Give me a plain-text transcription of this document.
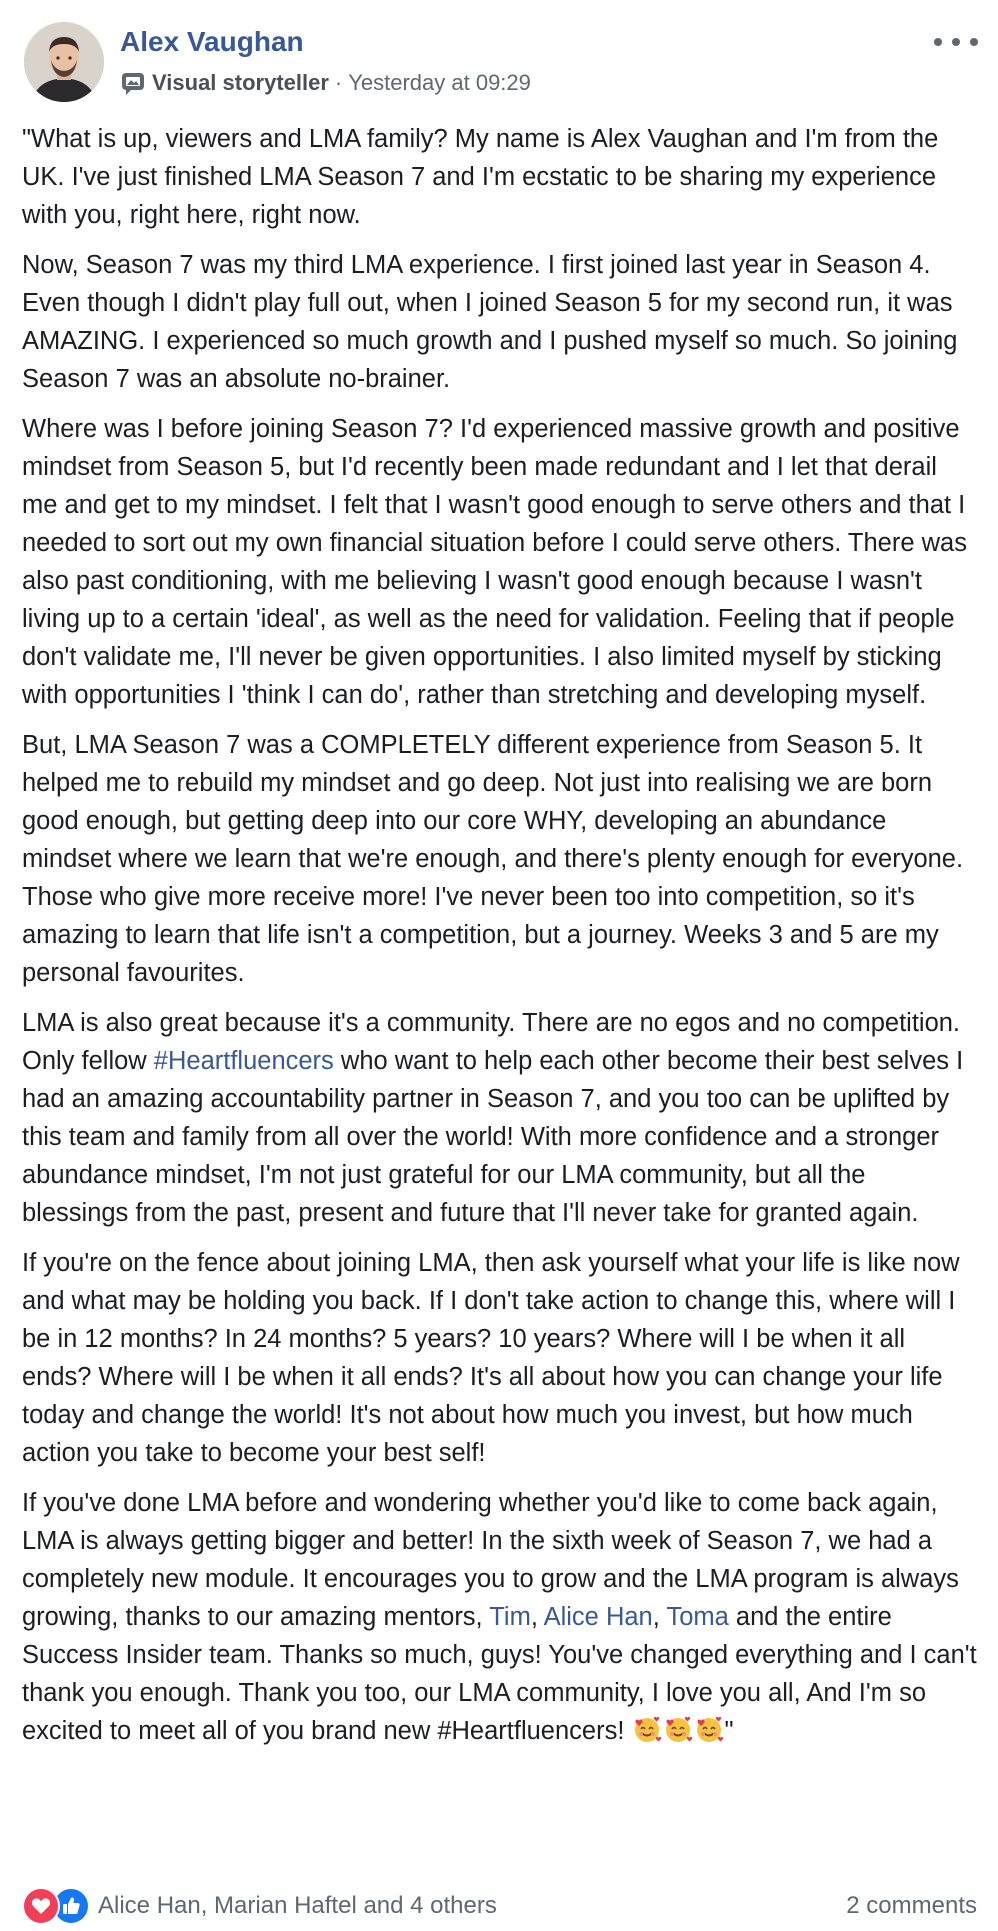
Alex Vaughan
Visual storyteller · Yesterday at 09:29

"What is up, viewers and LMA family? My name is Alex Vaughan and I'm from the UK. I've just finished LMA Season 7 and I'm ecstatic to be sharing my experience with you, right here, right now.

Now, Season 7 was my third LMA experience. I first joined last year in Season 4. Even though I didn't play full out, when I joined Season 5 for my second run, it was AMAZING. I experienced so much growth and I pushed myself so much. So joining Season 7 was an absolute no-brainer.

Where was I before joining Season 7? I'd experienced massive growth and positive mindset from Season 5, but I'd recently been made redundant and I let that derail me and get to my mindset. I felt that I wasn't good enough to serve others and that I needed to sort out my own financial situation before I could serve others. There was also past conditioning, with me believing I wasn't good enough because I wasn't living up to a certain 'ideal', as well as the need for validation. Feeling that if people don't validate me, I'll never be given opportunities. I also limited myself by sticking with opportunities I 'think I can do', rather than stretching and developing myself.

But, LMA Season 7 was a COMPLETELY different experience from Season 5. It helped me to rebuild my mindset and go deep. Not just into realising we are born good enough, but getting deep into our core WHY, developing an abundance mindset where we learn that we're enough, and there's plenty enough for everyone. Those who give more receive more! I've never been too into competition, so it's amazing to learn that life isn't a competition, but a journey. Weeks 3 and 5 are my personal favourites.

LMA is also great because it's a community. There are no egos and no competition. Only fellow #Heartfluencers who want to help each other become their best selves I had an amazing accountability partner in Season 7, and you too can be uplifted by this team and family from all over the world! With more confidence and a stronger abundance mindset, I'm not just grateful for our LMA community, but all the blessings from the past, present and future that I'll never take for granted again.

If you're on the fence about joining LMA, then ask yourself what your life is like now and what may be holding you back. If I don't take action to change this, where will I be in 12 months? In 24 months? 5 years? 10 years? Where will I be when it all ends? Where will I be when it all ends? It's all about how you can change your life today and change the world! It's not about how much you invest, but how much action you take to become your best self!

If you've done LMA before and wondering whether you'd like to come back again, LMA is always getting bigger and better! In the sixth week of Season 7, we had a completely new module. It encourages you to grow and the LMA program is always growing, thanks to our amazing mentors, Tim, Alice Han, Toma and the entire Success Insider team. Thanks so much, guys! You've changed everything and I can't thank you enough. Thank you too, our LMA community, I love you all, And I'm so excited to meet all of you brand new #Heartfluencers!	"

Alice Han, Marian Haftel and 4 others	2 comments
